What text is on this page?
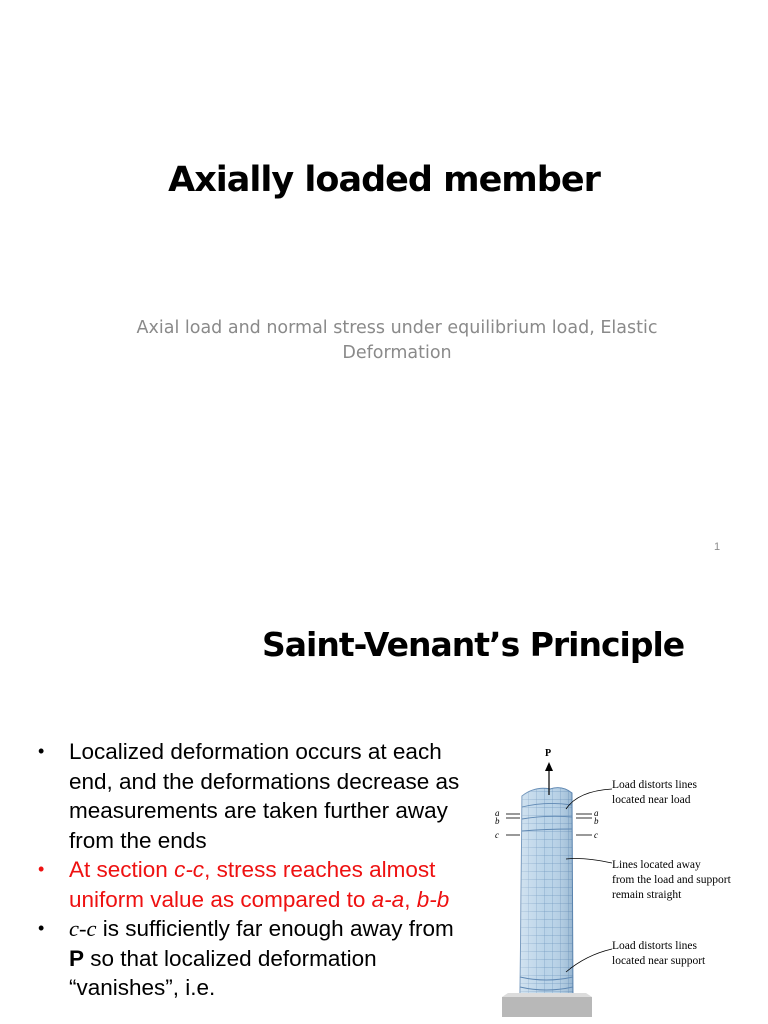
Axially loaded member
Axial load and normal stress under equilibrium load, Elastic Deformation
1
Saint-Venant’s Principle
• Localized deformation occurs at each end, and the deformations decrease as measurements are taken further away from the ends
• At section c-c, stress reaches almost uniform value as compared to a-a, b-b
• c-c is sufficiently far enough away from P so that localized deformation “vanishes”, i.e.
P
a
b
c
a
b
c
Load distorts lines
located near load
Lines located away
from the load and support
remain straight
Load distorts lines
located near support
